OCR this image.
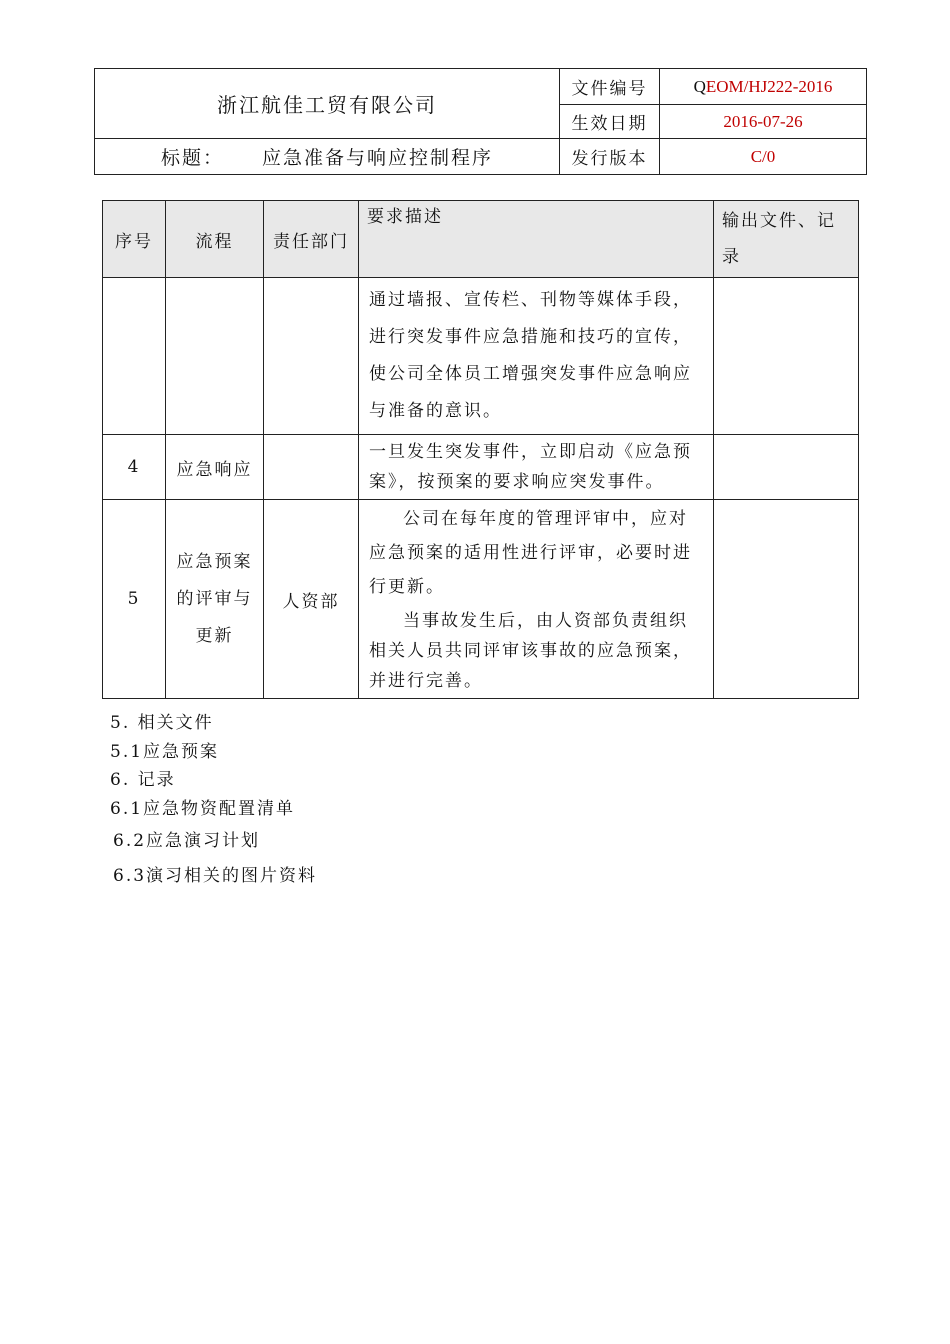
浙江航佳工贸有限公司	文件编号	QEOM/HJ222-2016
	生效日期	2016-07-26
标题： 应急准备与响应控制程序	发行版本	C/0
序号	流程	责任部门	要求描述	输出文件、记录
			通过墙报、宣传栏、刊物等媒体手段，进行突发事件应急措施和技巧的宣传，使公司全体员工增强突发事件应急响应与准备的意识。	
4	应急响应		一旦发生突发事件，立即启动《应急预案》，按预案的要求响应突发事件。	
5	应急预案的评审与更新	人资部	公司在每年度的管理评审中，应对应急预案的适用性进行评审，必要时进行更新。
当事故发生后，由人资部负责组织相关人员共同评审该事故的应急预案，并进行完善。	

5. 相关文件
5.1应急预案
6. 记录
6.1应急物资配置清单
6.2应急演习计划
6.3演习相关的图片资料
